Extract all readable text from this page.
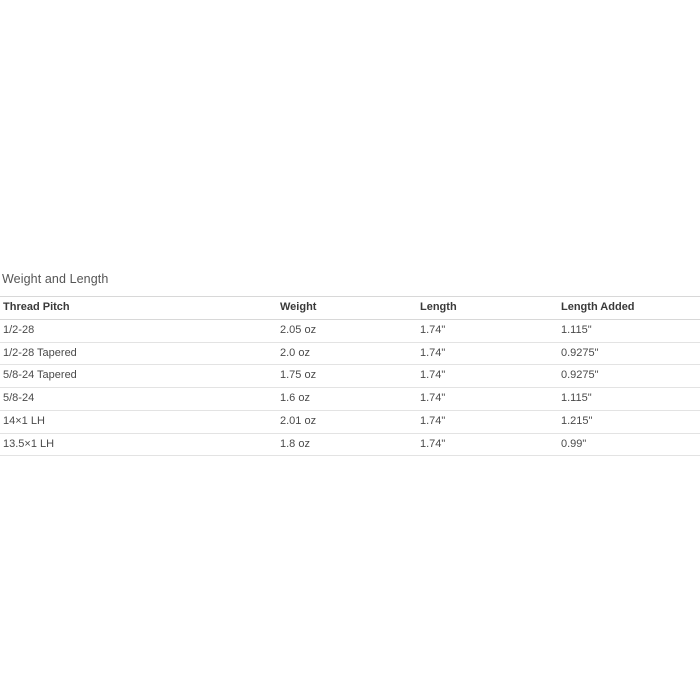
Weight and Length
Thread Pitch	Weight	Length	Length Added
1/2-28	2.05 oz	1.74"	1.115"
1/2-28 Tapered	2.0 oz	1.74"	0.9275"
5/8-24 Tapered	1.75 oz	1.74"	0.9275"
5/8-24	1.6 oz	1.74"	1.115"
14×1 LH	2.01 oz	1.74"	1.215"
13.5×1 LH	1.8 oz	1.74"	0.99"
